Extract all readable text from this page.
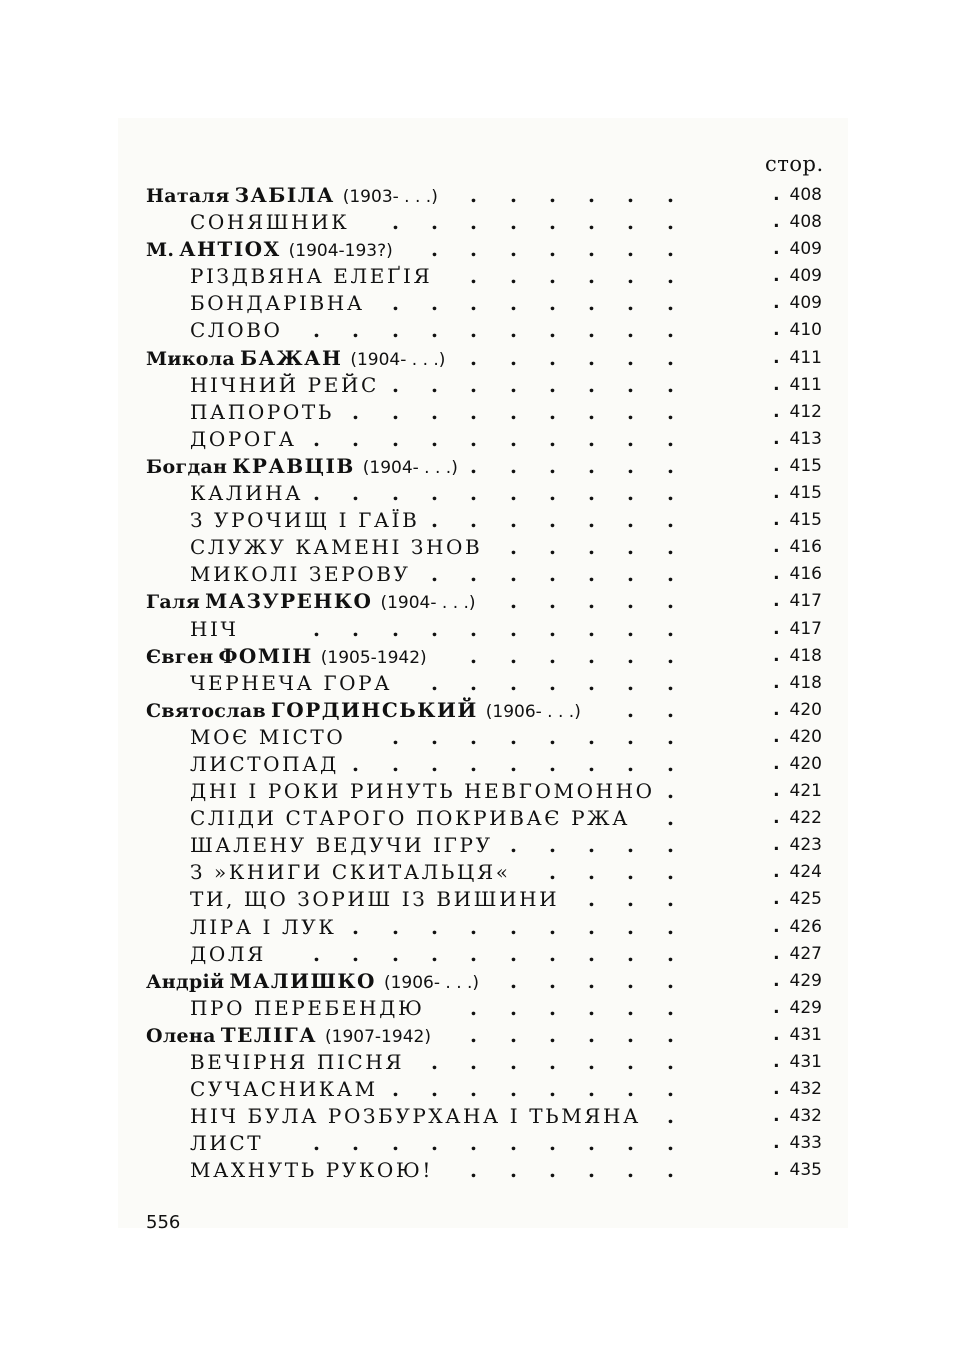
стор.
Наталя ЗАБІЛА (1903- . . .) . . . . . .	. 408
СОНЯШНИК . . . . . . . .	. 408
М. АНТІОХ (1904-193?) . . . . . . .	. 409
РІЗДВЯНА ЕЛЕҐІЯ . . . . . .	. 409
БОНДАРІВНА . . . . . . . .	. 409
СЛОВО . . . . . . . . . .	. 410
Микола БАЖАН (1904- . . .) . . . . . .	. 411
НІЧНИЙ РЕЙС . . . . . . . .	. 411
ПАПОРОТЬ . . . . . . . . .	. 412
ДОРОГА . . . . . . . . . .	. 413
Богдан КРАВЦІВ (1904- . . .) . . . . . .	. 415
КАЛИНА . . . . . . . . . .	. 415
З УРОЧИЩ І ГАЇВ . . . . . . .	. 415
СЛУЖУ КАМЕНІ ЗНОВ . . . . .	. 416
МИКОЛІ ЗЕРОВУ . . . . . . .	. 416
Галя МАЗУРЕНКО (1904- . . .) . . . . .	. 417
НІЧ	. . . . . . . . . .	. 417
Євген ФОМІН (1905-1942) . . . . . .	. 418
ЧЕРНЕЧА ГОРА . . . . . . .	. 418
Святослав ГОРДИНСЬКИЙ (1906- . . .) . .	. 420
МОЄ МІСТО . . . . . . . .	. 420
ЛИСТОПАД . . . . . . . . .	. 420
ДНІ І РОКИ РИНУТЬ НЕВГОМОННО .	. 421
СЛІДИ СТАРОГО ПОКРИВАЄ РЖА .	. 422
ШАЛЕНУ ВЕДУЧИ ІГРУ . . . . .	. 423
З »КНИГИ СКИТАЛЬЦЯ« . . . .	. 424
ТИ, ЩО ЗОРИШ ІЗ ВИШИНИ . . .	. 425
ЛІРА І ЛУК . . . . . . . . .	. 426
ДОЛЯ . . . . . . . . . .	. 427
Андрій МАЛИШКО (1906- . . .) . . . . .	. 429
ПРО ПЕРЕБЕНДЮ . . . . . .	. 429
Олена ТЕЛІГА (1907-1942) . . . . . .	. 431
ВЕЧІРНЯ ПІСНЯ . . . . . . .	. 431
СУЧАСНИКАМ . . . . . . . .	. 432
НІЧ БУЛА РОЗБУРХАНА І ТЬМЯНА .	. 432
ЛИСТ . . . . . . . . . .	. 433
МАХНУТЬ РУКОЮ! . . . . . .	. 435
556
